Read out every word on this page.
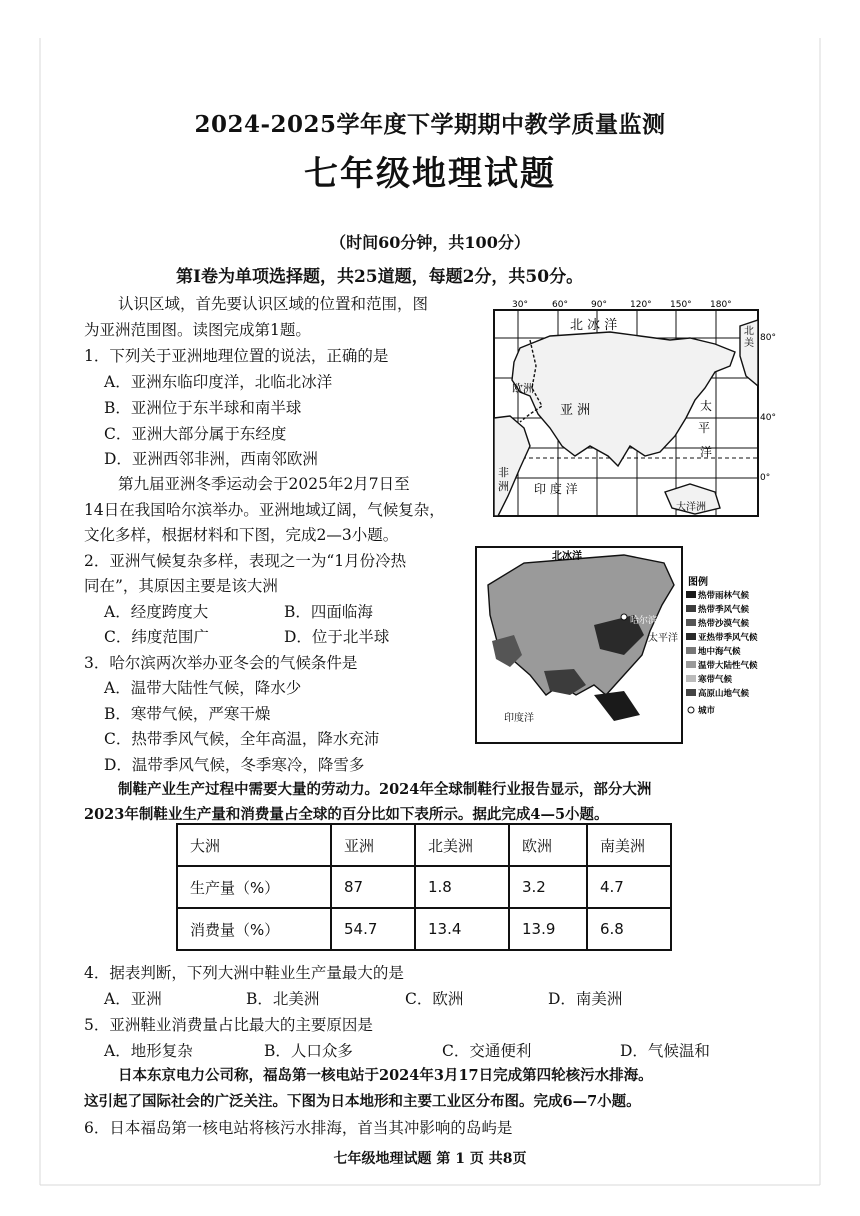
2024-2025学年度下学期期中教学质量监测
七年级地理试题
（时间60分钟，共100分）
第Ⅰ卷为单项选择题，共25道题，每题2分，共50分。
认识区域，首先要认识区域的位置和范围，图
为亚洲范围图。读图完成第1题。
1．下列关于亚洲地理位置的说法，正确的是
A．亚洲东临印度洋，北临北冰洋
B．亚洲位于东半球和南半球
C．亚洲大部分属于东经度
D．亚洲西邻非洲，西南邻欧洲
第九届亚洲冬季运动会于2025年2月7日至
14日在我国哈尔滨举办。亚洲地域辽阔，气候复杂，
文化多样，根据材料和下图，完成2—3小题。
2．亚洲气候复杂多样，表现之一为“1月份冷热
同在”，其原因主要是该大洲
A．经度跨度大	B．四面临海
C．纬度范围广	D．位于北半球
3．哈尔滨两次举办亚冬会的气候条件是
A．温带大陆性气候，降水少
B．寒带气候，严寒干燥
C．热带季风气候，全年高温，降水充沛
D．温带季风气候，冬季寒冷，降雪多
制鞋产业生产过程中需要大量的劳动力。2024年全球制鞋行业报告显示，部分大洲
2023年制鞋业生产量和消费量占全球的百分比如下表所示。据此完成4—5小题。
大洲	亚洲	北美洲	欧洲	南美洲
生产量（%）	87	1.8	3.2	4.7
消费量（%）	54.7	13.4	13.9	6.8
4．据表判断，下列大洲中鞋业生产量最大的是
A．亚洲	B．北美洲	C．欧洲	D．南美洲
5．亚洲鞋业消费量占比最大的主要原因是
A．地形复杂	B．人口众多	C．交通便利	D．气候温和
日本东京电力公司称，福岛第一核电站于2024年3月17日完成第四轮核污水排海。
这引起了国际社会的广泛关注。下图为日本地形和主要工业区分布图。完成6—7小题。
6．日本福岛第一核电站将核污水排海，首当其冲影响的岛屿是
七年级地理试题 第 1 页 共8页
30°	60°	90°	120° 150° 180°
80°
40°
0°
北 冰 洋
欧洲
亚 洲	太
平
洋
非洲 印 度 洋
北美
大洋洲
北冰洋
太平洋
印度洋
哈尔滨
图例
热带雨林气候
热带季风气候
热带沙漠气候
亚热带季风气候
地中海气候
温带大陆性气候
寒带气候
高原山地气候
城市
